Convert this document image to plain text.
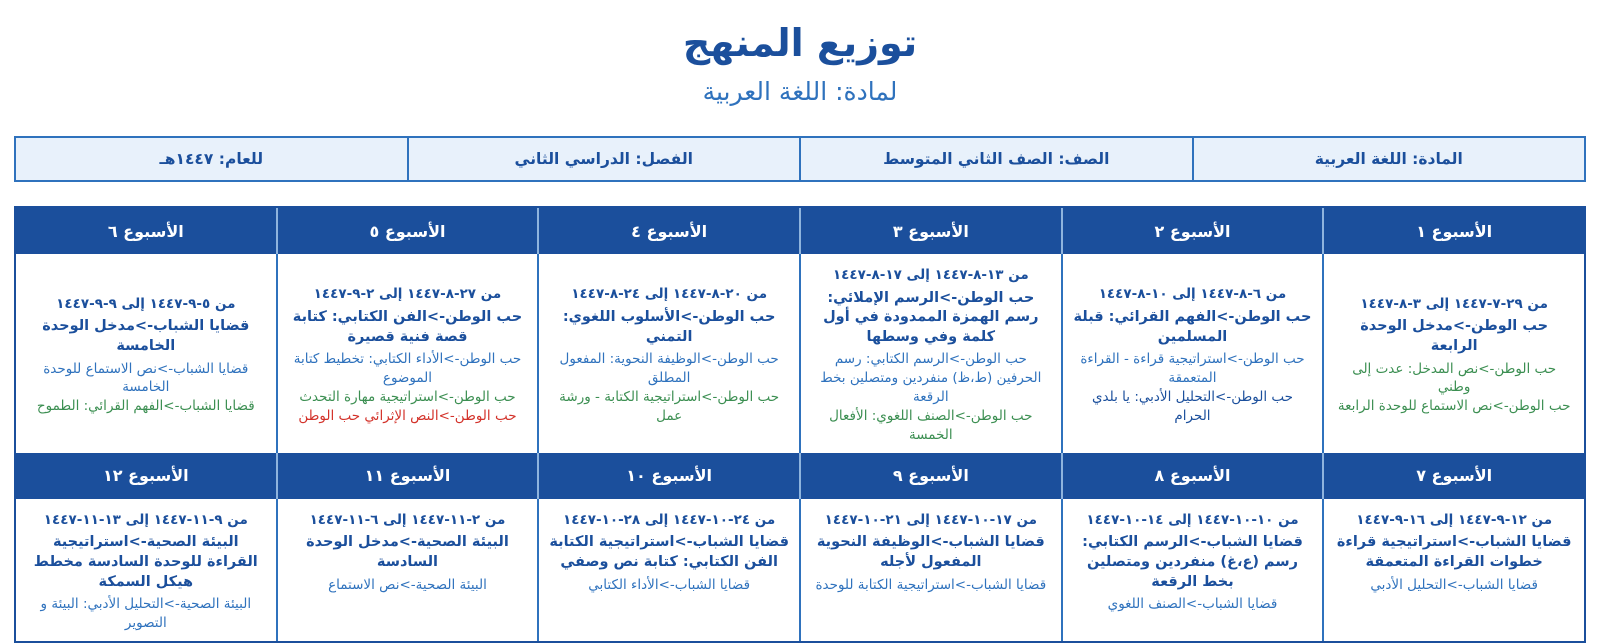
توزيع المنهج
لمادة: اللغة العربية
المادة: اللغة العربية
الصف: الصف الثاني المتوسط
الفصل: الدراسي الثاني
للعام: ١٤٤٧هـ
الأسبوع ١
الأسبوع ٢
الأسبوع ٣
الأسبوع ٤
الأسبوع ٥
الأسبوع ٦
من ٢٩-٧-١٤٤٧ إلى ٣-٨-١٤٤٧
حب الوطن->مدخل الوحدة الرابعة
حب الوطن->نص المدخل: عدت إلى وطني
حب الوطن->نص الاستماع للوحدة الرابعة
من ٦-٨-١٤٤٧ إلى ١٠-٨-١٤٤٧
حب الوطن->الفهم القرائي: قبلة المسلمين
حب الوطن->استراتيجية قراءة - القراءة المتعمقة
حب الوطن->التحليل الأدبي: يا بلدي الحرام
من ١٣-٨-١٤٤٧ إلى ١٧-٨-١٤٤٧
حب الوطن->الرسم الإملائي: رسم الهمزة الممدودة في أول كلمة وفي وسطها
حب الوطن->الرسم الكتابي: رسم الحرفين (ط،ظ) منفردين ومتصلين بخط الرقعة
حب الوطن->الصنف اللغوي: الأفعال الخمسة
من ٢٠-٨-١٤٤٧ إلى ٢٤-٨-١٤٤٧
حب الوطن->الأسلوب اللغوي: التمني
حب الوطن->الوظيفة النحوية: المفعول المطلق
حب الوطن->استراتيجية الكتابة - ورشة عمل
من ٢٧-٨-١٤٤٧ إلى ٢-٩-١٤٤٧
حب الوطن->الفن الكتابي: كتابة قصة فنية قصيرة
حب الوطن->الأداء الكتابي: تخطيط كتابة الموضوع
حب الوطن->استراتيجية مهارة التحدث
حب الوطن->النص الإثرائي حب الوطن
من ٥-٩-١٤٤٧ إلى ٩-٩-١٤٤٧
قضايا الشباب->مدخل الوحدة الخامسة
قضايا الشباب->نص الاستماع للوحدة الخامسة
قضايا الشباب->الفهم القرائي: الطموح
الأسبوع ٧
الأسبوع ٨
الأسبوع ٩
الأسبوع ١٠
الأسبوع ١١
الأسبوع ١٢
من ١٢-٩-١٤٤٧ إلى ١٦-٩-١٤٤٧
قضايا الشباب->استراتيجية قراءة خطوات القراءة المتعمقة
قضايا الشباب->التحليل الأدبي
من ١٠-١٠-١٤٤٧ إلى ١٤-١٠-١٤٤٧
قضايا الشباب->الرسم الكتابي: رسم (ع،غ) منفردين ومتصلين بخط الرقعة
قضايا الشباب->الصنف اللغوي
من ١٧-١٠-١٤٤٧ إلى ٢١-١٠-١٤٤٧
قضايا الشباب->الوظيفة النحوية المفعول لأجله
قضايا الشباب->استراتيجية الكتابة للوحدة
من ٢٤-١٠-١٤٤٧ إلى ٢٨-١٠-١٤٤٧
قضايا الشباب->استراتيجية الكتابة الفن الكتابي: كتابة نص وصفي
قضايا الشباب->الأداء الكتابي
من ٢-١١-١٤٤٧ إلى ٦-١١-١٤٤٧
البيئة الصحية->مدخل الوحدة السادسة
البيئة الصحية->نص الاستماع
من ٩-١١-١٤٤٧ إلى ١٣-١١-١٤٤٧
البيئة الصحية->استراتيجية القراءة للوحدة السادسة مخطط هيكل السمكة
البيئة الصحية->التحليل الأدبي: البيئة و التصوير
